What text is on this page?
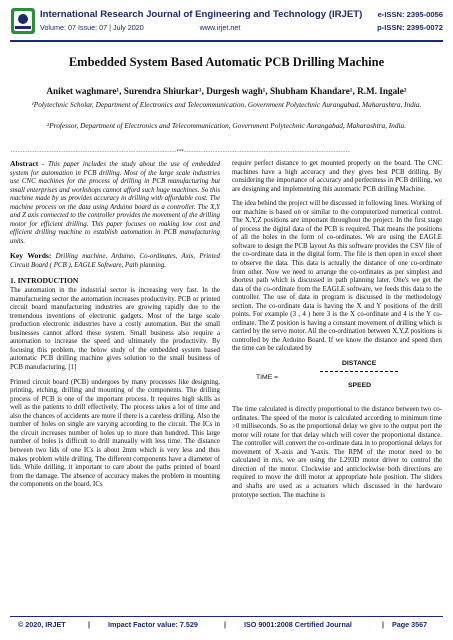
International Research Journal of Engineering and Technology (IRJET)
Volume: 07 Issue: 07 | July 2020	www.irjet.net
e-ISSN: 2395-0056
p-ISSN: 2395-0072
Embedded System Based Automatic PCB Drilling Machine
Aniket waghmare¹, Surendra Shiurkar¹, Durgesh wagh¹, Shubham Khandare¹, R.M. Ingale²
¹Polytechnic Scholar, Department of Electronics and Telecommunication, Government Polytechnic Aurangabad, Maharashtra, India.
²Professor, Department of Electronics and Telecommunication, Government Polytechnic Aurangabad, Maharashtra, India.
---------------------------------------------------------------------***---------------------------------------------------------------------

Abstract - This paper includes the study about the use of embedded system for automation in PCB drilling. Most of the large scale industries use CNC machines for the process of drilling in PCB manufacturing but small enterprises and workshops cannot afford such huge machines. So this machine made by us provides accuracy in drilling with affordable cost. The machine process on the data using Arduino board as a controller. The X,Y and Z axis connected to the controller provides the movement of the drilling motor for efficient drilling. This paper focuses on making low cost and efficient drilling machine to establish automation in PCB manufacturing units.

Key Words: Drilling machine, Arduino, Co-ordinates, Axis, Printed Circuit Board ( PCB ), EAGLE Software, Path planning.

1. INTRODUCTION

The automation in the industrial sector is increasing very fast. In the manufacturing sector the automation increases productivity. PCB or printed circuit board manufacturing industries are growing rapidly due to the tremendous inventions of electronic gadgets. Most of the large scale production electronic industries have a costly automation. But the small businesses cannot afford these system. Small business also require a automation to increase the speed and ultimately the productivity. By focusing this problem, the below study of the embedded system based automatic PCB drilling machine gives solution to the small business of PCB manufacturing. [1]

Printed circuit board (PCB) undergoes by many processes like designing, printing, etching, drilling and mounting of the components. The drilling process of PCB is one of the important process. It requires high skills as well as the patients to drill effectively. The process takes a lot of time and also the chances of accidents are more if there is a careless drilling. Also the number of holes on single are varying according to the circuit. The ICs in the circuit increases number of holes up to more than hundred. This large number of holes is difficult to drill manually with less time. The distance between two lids of one ICs is about 2mm which is very less and thus makes problem while drilling. The different components have a diameter of lids. While drilling, it important to care about the paths printed of board from the damage. The absence of accuracy makes the problem in mounting the components on the board. ICs

require perfect distance to get mounted properly on the board. The CNC machines have a high accuracy and they gives best PCB drilling. By considering the importance of accuracy and perfectness in PCB drilling, we are designing and implementing this automatic PCB drilling Machine.

The idea behind the project will be discussed in following lines. Working of our machine is based on or similar to the computerized numerical control. The X,Y,Z positions are important throughout the project. In the first stage of process the digital data of the PCB is required. That means the positions of all the holes in the form of co-ordinates. We are using the EAGLE software to design the PCB layout As this software provides the CSV file of the co-ordinate data in the digital form. The file is then open in excel sheet to observe the data. This data is actually the distance of one co-ordinate from other. Now we need to arrange the co-ordinates as per simplest and shortest path which is discussed in path planning later. One's we get the data of the co-ordinate from the EAGLE software, we feeds this data to the controller. The use of data in program is discussed in the methodology section. The co-ordinate data is having the X and Y positions of the drill points. For example (3 , 4 ) here 3 is the X co-ordinate and 4 is the Y co-ordinate. The Z position is having a constant movement of drilling which is carried by the servo motor. All the co-ordination between X,Y,Z positions is controlled by the Arduino Board. If we know the distance and speed then the time can be calculated by

TIME =
DISTANCE
SPEED

The time calculated is directly proportional to the distance between two co-ordinates. The speed of the motor is calculated according to minimum time >0 milliseconds. So as the proportional delay we give to the output port the motor will rotate for that delay which will cover the proportional distance. The controller will convert the co-ordinate data in to proportional delays for movement of X-axis and Y-axis. The RPM of the motor need to be calculated in m/s. we are using the L293D motor driver to control the direction of the motor. Clockwise and anticlockwise both directions are required to move the drill motor at appropriate hole position. The sliders and shafts are used as a actuators which discussed in the hardware prototype section. The machine is

© 2020, IRJET	| Impact Factor value: 7.529	| ISO 9001:2008 Certified Journal	| Page 3567
